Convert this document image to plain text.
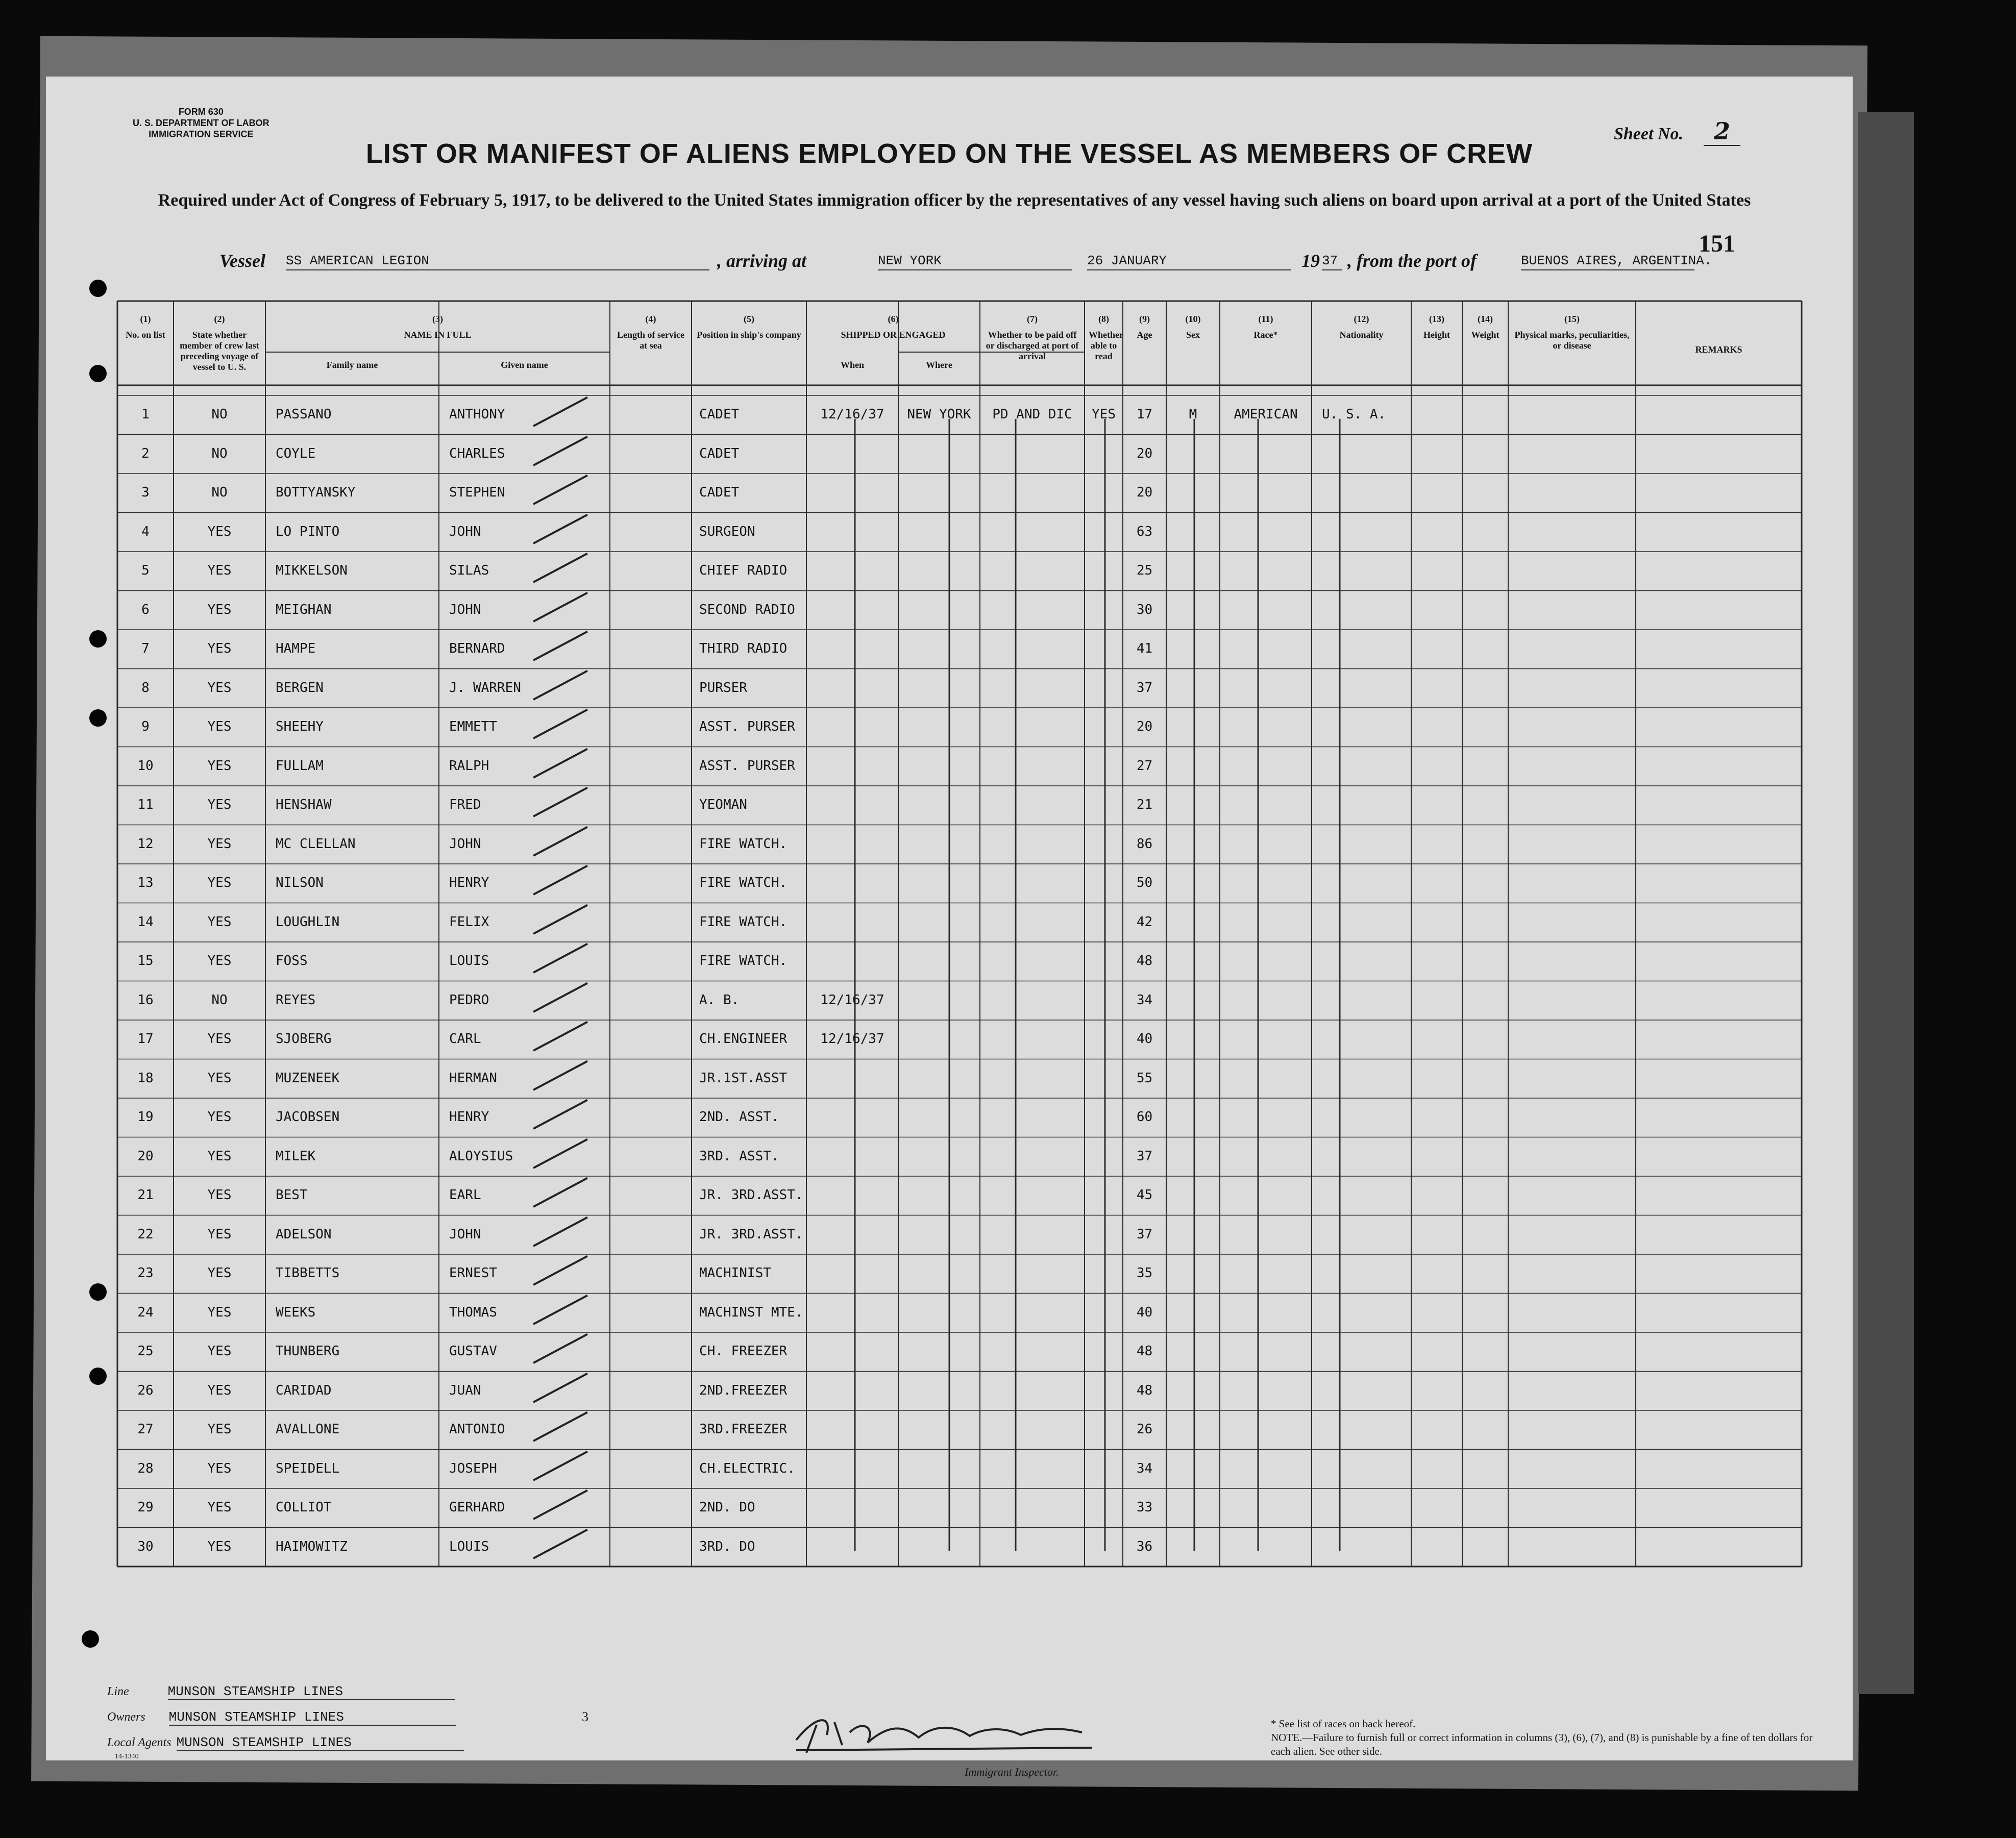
FORM 630
U. S. DEPARTMENT OF LABOR
IMMIGRATION SERVICE	Sheet No. 2
LIST OR MANIFEST OF ALIENS EMPLOYED ON THE VESSEL AS MEMBERS OF CREW
Required under Act of Congress of February 5, 1917, to be delivered to the United States immigration officer by the representatives of any vessel having such aliens on board upon arrival at a port of the United States
151
Vessel SS AMERICAN LEGION	, arriving at	NEW YORK	26 JANUARY	19 37 , from the port of	BUENOS AIRES, ARGENTINA.
(1)
No. on list
(2)
State whether member of crew last preceding voyage of vessel to U. S.
(3)
NAME IN FULL
Family name	Given name
(4)
Length of service at sea
(5)
Position in ship's company
(6)
SHIPPED OR ENGAGED
When	Where
(7)
Whether to be paid off or discharged at port of arrival
(8)
Whether able to read
(9)
Age
(10)
Sex
(11)
Race*
(12)
Nationality
(13)
Height
(14)
Weight
(15)
Physical marks, peculiarities, or disease	REMARKS
1	NO	PASSANO	ANTHONY	CADET	12/16/37	NEW YORK	PD AND DIC	YES	17	M	AMERICAN	U. S. A.
2	NO	COYLE	CHARLES	CADET	20
3	NO	BOTTYANSKY	STEPHEN	CADET	20
4	YES	LO PINTO	JOHN	SURGEON	63
5	YES	MIKKELSON	SILAS	CHIEF RADIO	25
6	YES	MEIGHAN	JOHN	SECOND RADIO	30
7	YES	HAMPE	BERNARD	THIRD RADIO	41
8	YES	BERGEN	J. WARREN	PURSER	37
9	YES	SHEEHY	EMMETT	ASST. PURSER	20
10	YES	FULLAM	RALPH	ASST. PURSER	27
11	YES	HENSHAW	FRED	YEOMAN	21
12	YES	MC CLELLAN	JOHN	FIRE WATCH.	86
13	YES	NILSON	HENRY	FIRE WATCH.	50
14	YES	LOUGHLIN	FELIX	FIRE WATCH.	42
15	YES	FOSS	LOUIS	FIRE WATCH.	48
16	NO	REYES	PEDRO	A. B.	12/16/37	34
17	YES	SJOBERG	CARL	CH.ENGINEER	12/16/37	40
18	YES	MUZENEEK	HERMAN	JR.1ST.ASST	55
19	YES	JACOBSEN	HENRY	2ND. ASST.	60
20	YES	MILEK	ALOYSIUS	3RD. ASST.	37
21	YES	BEST	EARL	JR. 3RD.ASST.	45
22	YES	ADELSON	JOHN	JR. 3RD.ASST.	37
23	YES	TIBBETTS	ERNEST	MACHINIST	35
24	YES	WEEKS	THOMAS	MACHINST MTE.	40
25	YES	THUNBERG	GUSTAV	CH. FREEZER	48
26	YES	CARIDAD	JUAN	2ND.FREEZER	48
27	YES	AVALLONE	ANTONIO	3RD.FREEZER	26
28	YES	SPEIDELL	JOSEPH	CH.ELECTRIC.	34
29	YES	COLLIOT	GERHARD	2ND. DO	33
30	YES	HAIMOWITZ	LOUIS	3RD. DO	36
Line	MUNSON STEAMSHIP LINES
Owners MUNSON STEAMSHIP LINES
Local Agents MUNSON STEAMSHIP LINES
14-1340
3
Immigrant Inspector.
* See list of races on back hereof.
NOTE.—Failure to furnish full or correct information in columns (3), (6), (7), and (8) is punishable by a fine of ten dollars for each alien. See other side.
